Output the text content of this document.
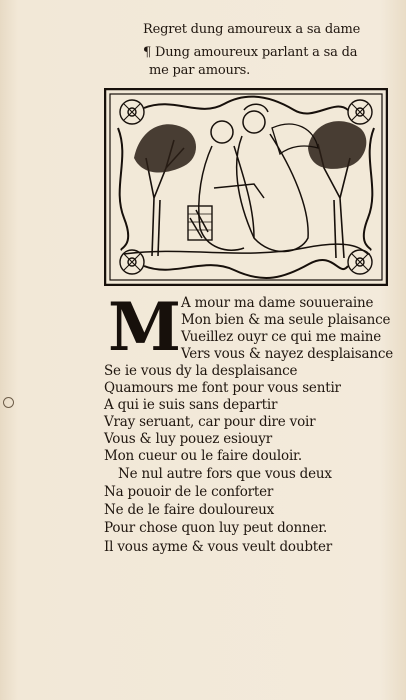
Regret dung amoureux a sa dame
¶ Dung amoureux parlant a sa da
me par amours.
M A mour ma dame souueraine
Mon bien & ma seule plaisance
Vueillez ouyr ce qui me maine
Vers vous & nayez desplaisance
Se ie vous dy la desplaisance
Quamours me font pour vous sentir
A qui ie suis sans departir
Vray seruant, car pour dire voir
Vous & luy pouez esiouyr
Mon cueur ou le faire douloir.
Ne nul autre fors que vous deux
Na pouoir de le conforter
Ne de le faire douloureux
Pour chose quon luy peut donner.
Il vous ayme & vous veult doubter
